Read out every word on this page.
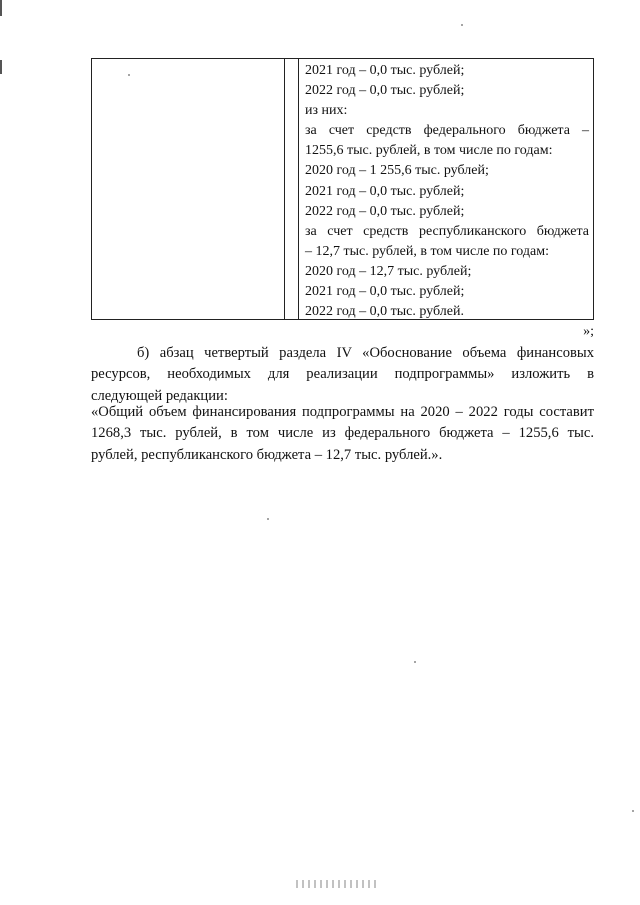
2021 год – 0,0 тыс. рублей;
2022 год – 0,0 тыс. рублей;
из них:
за счет средств федерального бюджета –
1255,6 тыс. рублей, в том числе по годам:
2020 год – 1 255,6 тыс. рублей;
2021 год – 0,0 тыс. рублей;
2022 год – 0,0 тыс. рублей;
за счет средств республиканского бюджета
– 12,7 тыс. рублей, в том числе по годам:
2020 год – 12,7 тыс. рублей;
2021 год – 0,0 тыс. рублей;
2022 год – 0,0 тыс. рублей.
»;
б) абзац четвертый раздела IV «Обоснование объема финансовых
ресурсов, необходимых для реализации подпрограммы» изложить в
следующей редакции:
«Общий объем финансирования подпрограммы на 2020 – 2022 годы составит
1268,3 тыс. рублей, в том числе из федерального бюджета – 1255,6 тыс.
рублей, республиканского бюджета – 12,7 тыс. рублей.».
